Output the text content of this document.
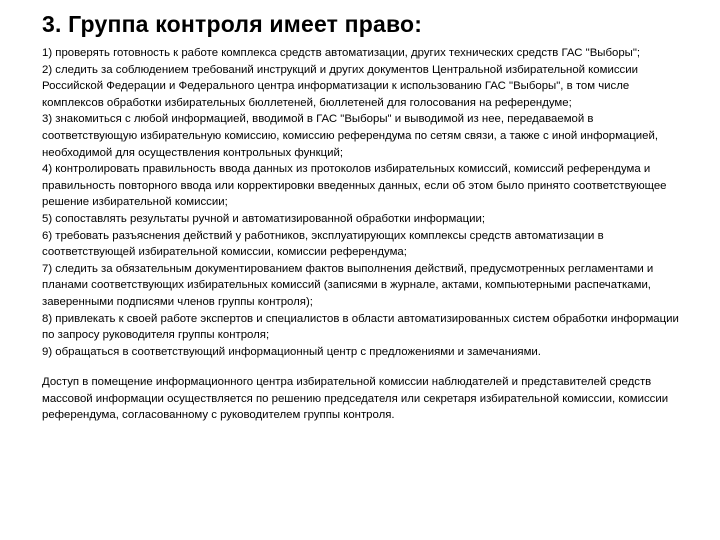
3. Группа контроля имеет право:
1) проверять готовность к работе комплекса средств автоматизации, других технических средств ГАС "Выборы";
2) следить за соблюдением требований инструкций и других документов Центральной избирательной комиссии Российской Федерации и Федерального центра информатизации к использованию ГАС "Выборы", в том числе комплексов обработки избирательных бюллетеней, бюллетеней для голосования на референдуме;
3) знакомиться с любой информацией, вводимой в ГАС "Выборы" и выводимой из нее, передаваемой в соответствующую избирательную комиссию, комиссию референдума по сетям связи, а также с иной информацией, необходимой для осуществления контрольных функций;
4) контролировать правильность ввода данных из протоколов избирательных комиссий, комиссий референдума и правильность повторного ввода или корректировки введенных данных, если об этом было принято соответствующее решение избирательной комиссии;
5) сопоставлять результаты ручной и автоматизированной обработки информации;
6) требовать разъяснения действий у работников, эксплуатирующих комплексы средств автоматизации в соответствующей избирательной комиссии, комиссии референдума;
7) следить за обязательным документированием фактов выполнения действий, предусмотренных регламентами и планами соответствующих избирательных комиссий (записями в журнале, актами, компьютерными распечатками, заверенными подписями членов группы контроля);
8) привлекать к своей работе экспертов и специалистов в области автоматизированных систем обработки информации по запросу руководителя группы контроля;
9) обращаться в соответствующий информационный центр с предложениями и замечаниями.
Доступ в помещение информационного центра избирательной комиссии наблюдателей и представителей средств массовой информации осуществляется по решению председателя или секретаря избирательной комиссии, комиссии референдума, согласованному с руководителем группы контроля.
